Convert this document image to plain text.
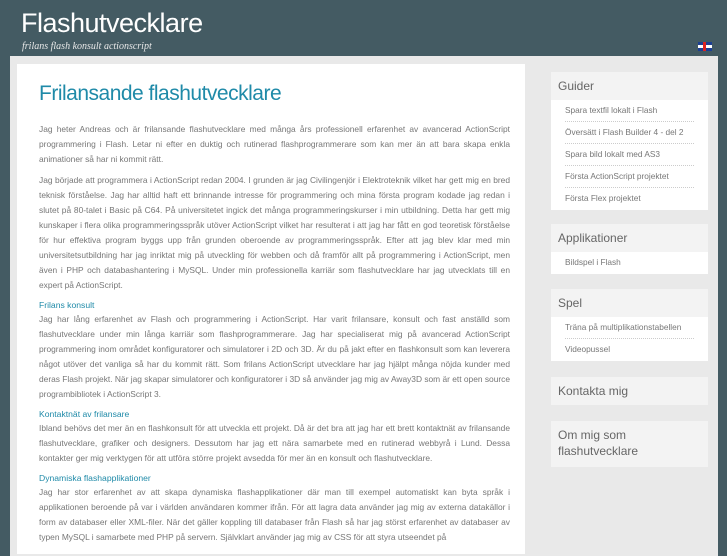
Flashutvecklare
frilans flash konsult actionscript
Frilansande flashutvecklare

Jag heter Andreas och är frilansande flashutvecklare med många års professionell erfarenhet av avancerad ActionScript programmering i Flash. Letar ni efter en duktig och rutinerad flashprogrammerare som kan mer än att bara skapa enkla animationer så har ni kommit rätt.

Jag började att programmera i ActionScript redan 2004. I grunden är jag Civilingenjör i Elektroteknik vilket har gett mig en bred teknisk förståelse. Jag har alltid haft ett brinnande intresse för programmering och mina första program kodade jag redan i slutet på 80-talet i Basic på C64. På universitetet ingick det många programmeringskurser i min utbildning. Detta har gett mig kunskaper i flera olika programmeringsspråk utöver ActionScript vilket har resulterat i att jag har fått en god teoretisk förståelse för hur effektiva program byggs upp från grunden oberoende av programmeringsspråk. Efter att jag blev klar med min universitetsutbildning har jag inriktat mig på utveckling för webben och då framför allt på programmering i ActionScript, men även i PHP och databashantering i MySQL. Under min professionella karriär som flashutvecklare har jag utvecklats till en expert på ActionScript.

Frilans konsult

Jag har lång erfarenhet av Flash och programmering i ActionScript. Har varit frilansare, konsult och fast anställd som flashutvecklare under min långa karriär som flashprogrammerare. Jag har specialiserat mig på avancerad ActionScript programmering inom området konfiguratorer och simulatorer i 2D och 3D. Är du på jakt efter en flashkonsult som kan leverera något utöver det vanliga så har du kommit rätt. Som frilans ActionScript utvecklare har jag hjälpt många nöjda kunder med deras Flash projekt. När jag skapar simulatorer och konfiguratorer i 3D så använder jag mig av Away3D som är ett open source programbibliotek i ActionScript 3.

Kontaktnät av frilansare

Ibland behövs det mer än en flashkonsult för att utveckla ett projekt. Då är det bra att jag har ett brett kontaktnät av frilansande flashutvecklare, grafiker och designers. Dessutom har jag ett nära samarbete med en rutinerad webbyrå i Lund. Dessa kontakter ger mig verktygen för att utföra större projekt avsedda för mer än en konsult och flashutvecklare.

Dynamiska flashapplikationer

Jag har stor erfarenhet av att skapa dynamiska flashapplikationer där man till exempel automatiskt kan byta språk i applikationen beroende på var i världen användaren kommer ifrån. För att lagra data använder jag mig av externa datakällor i form av databaser eller XML-filer. När det gäller koppling till databaser från Flash så har jag störst erfarenhet av databaser av typen MySQL i samarbete med PHP på servern. Självklart använder jag mig av CSS för att styra utseendet på

Guider
Spara textfil lokalt i Flash
Översätt i Flash Builder 4 - del 2
Spara bild lokalt med AS3
Första ActionScript projektet
Första Flex projektet
Applikationer
Bildspel i Flash
Spel
Träna på multiplikationstabellen
Videopussel
Kontakta mig
Om mig som flashutvecklare
